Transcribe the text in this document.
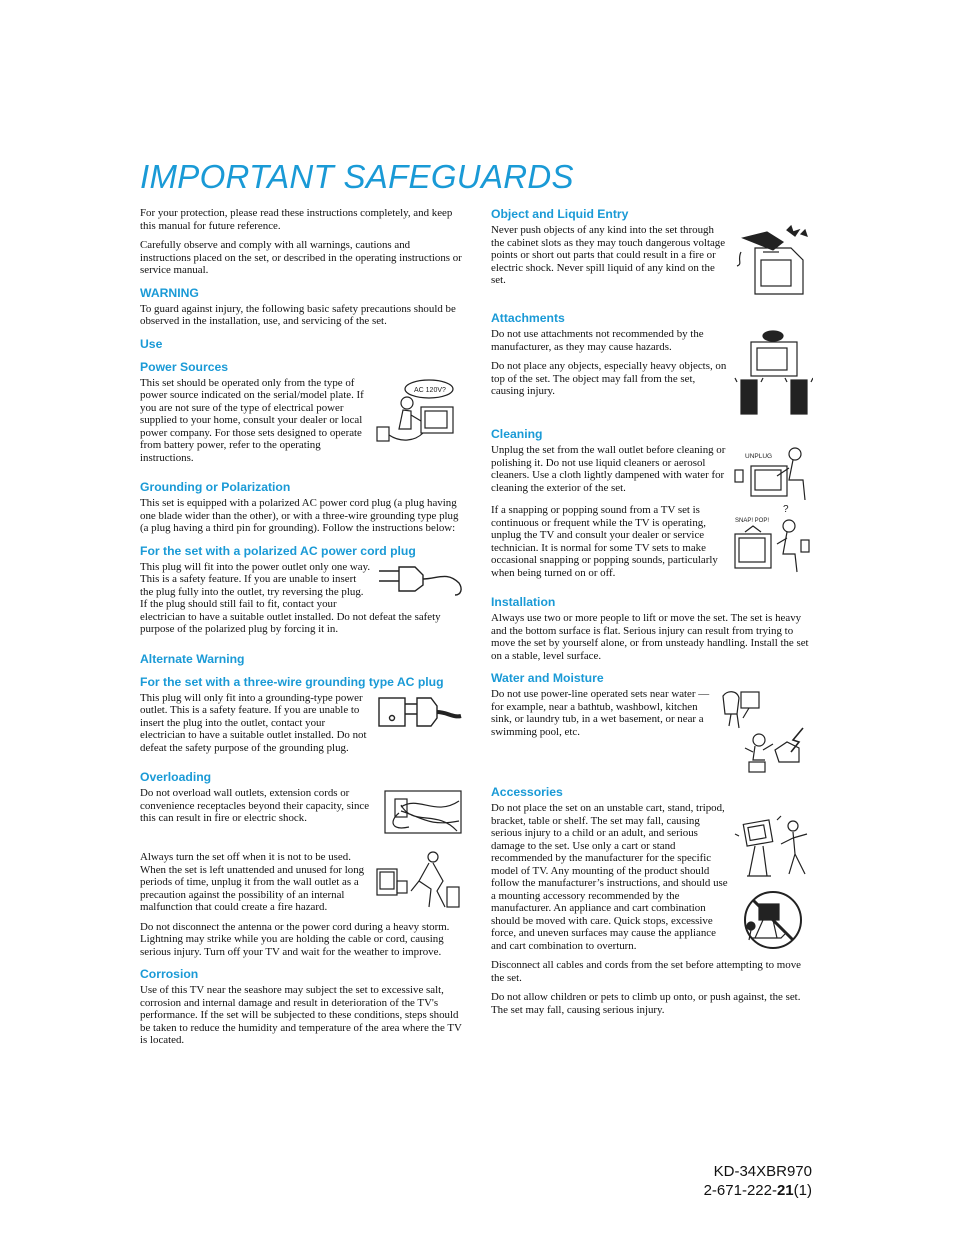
IMPORTANT SAFEGUARDS

For your protection, please read these instructions completely, and keep this manual for future reference.

Carefully observe and comply with all warnings, cautions and instructions placed on the set, or described in the operating instructions or service manual.

WARNING

To guard against injury, the following basic safety precautions should be observed in the installation, use, and servicing of the set.

Use
Power Sources
AC 120V?

This set should be operated only from the type of power source indicated on the serial/model plate. If you are not sure of the type of electrical power supplied to your home, consult your dealer or local power company. For those sets designed to operate from battery power, refer to the operating instructions.

Grounding or Polarization

This set is equipped with a polarized AC power cord plug (a plug having one blade wider than the other), or with a three-wire grounding type plug (a plug having a third pin for grounding). Follow the instructions below:

For the set with a polarized AC power cord plug

This plug will fit into the power outlet only one way. This is a safety feature. If you are unable to insert the plug fully into the outlet, try reversing the plug. If the plug should still fail to fit, contact your electrician to have a suitable outlet installed. Do not defeat the safety purpose of the polarized plug by forcing it in.

Alternate Warning
For the set with a three-wire grounding type AC plug

This plug will only fit into a grounding-type power outlet. This is a safety feature. If you are unable to insert the plug into the outlet, contact your electrician to have a suitable outlet installed. Do not defeat the safety purpose of the grounding plug.

Overloading

Do not overload wall outlets, extension cords or convenience receptacles beyond their capacity, since this can result in fire or electric shock.

Always turn the set off when it is not to be used. When the set is left unattended and unused for long periods of time, unplug it from the wall outlet as a precaution against the possibility of an internal malfunction that could create a fire hazard.

Do not disconnect the antenna or the power cord during a heavy storm. Lightning may strike while you are holding the cable or cord, causing serious injury. Turn off your TV and wait for the weather to improve.

Corrosion

Use of this TV near the seashore may subject the set to excessive salt, corrosion and internal damage and result in deterioration of the TV's performance. If the set will be subjected to these conditions, steps should be taken to reduce the humidity and temperature of the area where the TV is located.

Object and Liquid Entry

Never push objects of any kind into the set through the cabinet slots as they may touch dangerous voltage points or short out parts that could result in a fire or electric shock. Never spill liquid of any kind on the set.

Attachments

Do not use attachments not recommended by the manufacturer, as they may cause hazards.

Do not place any objects, especially heavy objects, on top of the set. The object may fall from the set, causing injury.

Cleaning
UNPLUG

Unplug the set from the wall outlet before cleaning or polishing it. Do not use liquid cleaners or aerosol cleaners. Use a cloth lightly dampened with water for cleaning the exterior of the set.

SNAP! POP!
?

If a snapping or popping sound from a TV set is continuous or frequent while the TV is operating, unplug the TV and consult your dealer or service technician. It is normal for some TV sets to make occasional snapping or popping sounds, particularly when being turned on or off.

Installation

Always use two or more people to lift or move the set. The set is heavy and the bottom surface is flat. Serious injury can result from trying to move the set by yourself alone, or from unsteady handling. Install the set on a stable, level surface.

Water and Moisture

Do not use power-line operated sets near water — for example, near a bathtub, washbowl, kitchen sink, or laundry tub, in a wet basement, or near a swimming pool, etc.

Accessories

Do not place the set on an unstable cart, stand, tripod, bracket, table or shelf. The set may fall, causing serious injury to a child or an adult, and serious damage to the set. Use only a cart or stand recommended by the manufacturer for the specific model of TV. Any mounting of the product should follow the manufacturer’s instructions, and should use a mounting accessory recommended by the manufacturer. An appliance and cart combination should be moved with care. Quick stops, excessive force, and uneven surfaces may cause the appliance and cart combination to overturn.

Disconnect all cables and cords from the set before attempting to move the set.

Do not allow children or pets to climb up onto, or push against, the set. The set may fall, causing serious injury.

KD-34XBR970
2-671-222-21(1)
